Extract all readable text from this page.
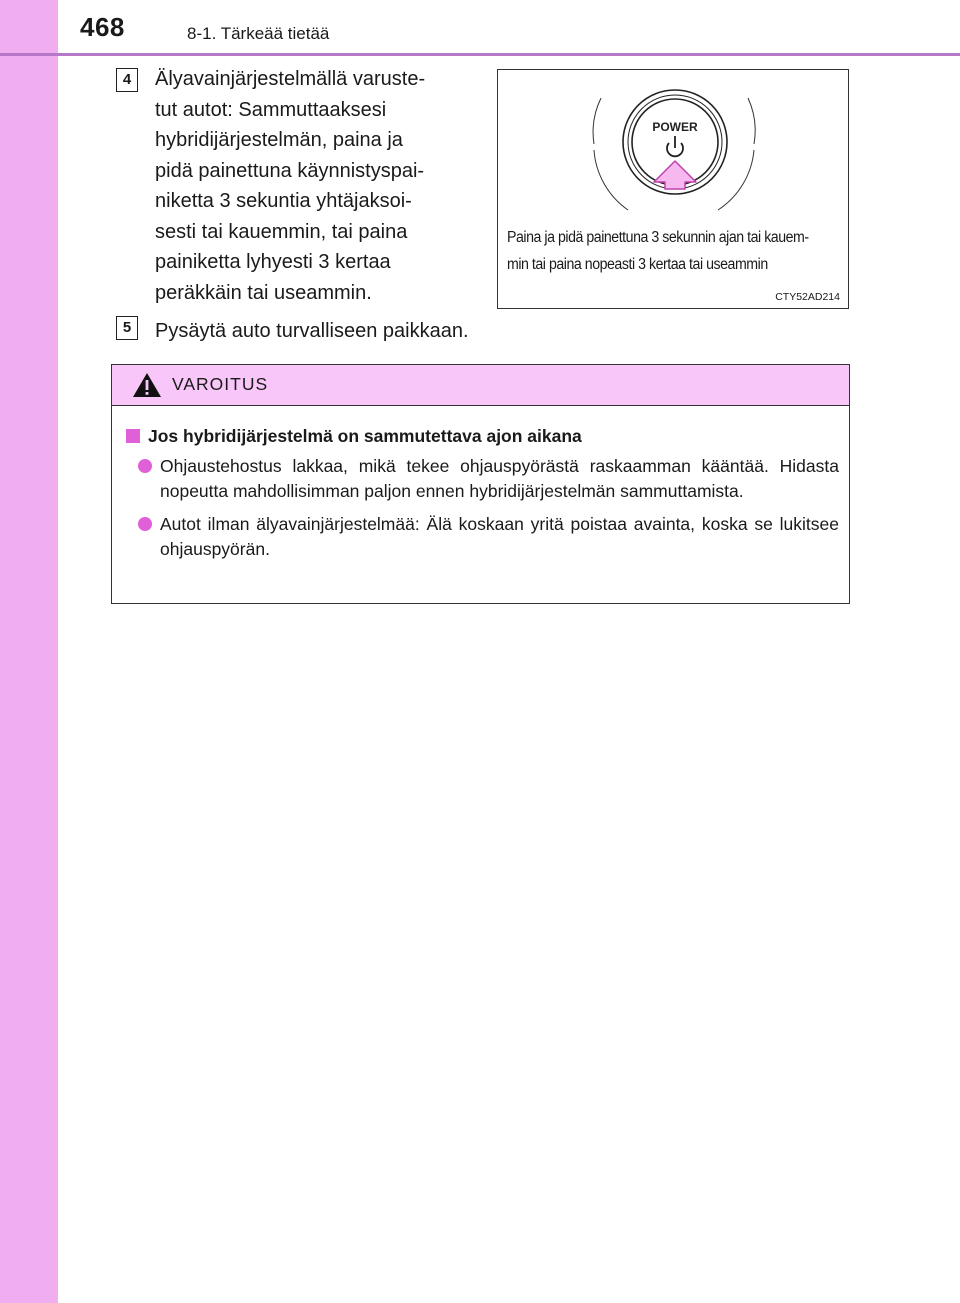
468	8-1. Tärkeää tietää
4	Älyavainjärjestelmällä varuste-
tut autot: Sammuttaaksesi
hybridijärjestelmän, paina ja
pidä painettuna käynnistyspai-
niketta 3 sekuntia yhtäjaksoi-
sesti tai kauemmin, tai paina
painiketta lyhyesti 3 kertaa
peräkkäin tai useammin.
5	Pysäytä auto turvalliseen paikkaan.
POWER
Paina ja pidä painettuna 3 sekunnin ajan tai kauem-
min tai paina nopeasti 3 kertaa tai useammin
CTY52AD214
VAROITUS
Jos hybridijärjestelmä on sammutettava ajon aikana
Ohjaustehostus lakkaa, mikä tekee ohjauspyörästä raskaamman kääntää. Hidasta nopeutta mahdollisimman paljon ennen hybridijärjestelmän sammuttamista.
Autot ilman älyavainjärjestelmää: Älä koskaan yritä poistaa avainta, koska se lukitsee ohjauspyörän.
